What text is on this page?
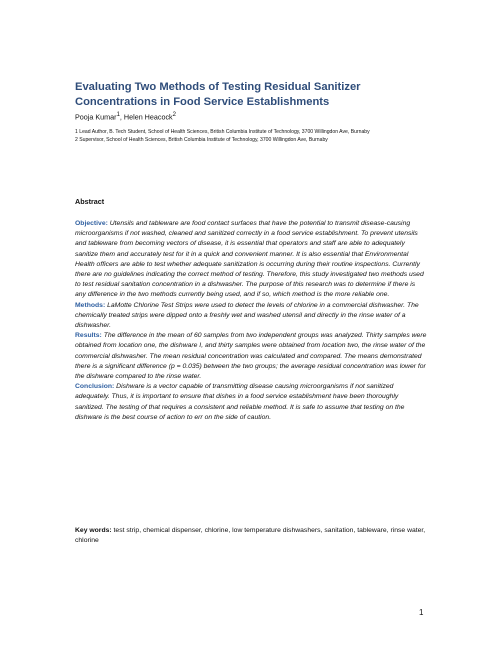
Evaluating Two Methods of Testing Residual Sanitizer Concentrations in Food Service Establishments
Pooja Kumar$^1$, Helen Heacock$^2$
1 Lead Author, B. Tech Student, School of Health Sciences, British Columbia Institute of Technology, 3700 Willingdon Ave, Burnaby
2 Supervisor, School of Health Sciences, British Columbia Institute of Technology, 3700 Willingdon Ave, Burnaby
Abstract

Objective: Utensils and tableware are food contact surfaces that have the potential to transmit disease-causing microorganisms if not washed, cleaned and sanitized correctly in a food service establishment. To prevent utensils and tableware from becoming vectors of disease, it is essential that operators and staff are able to adequately sanitize them and accurately test for it in a quick and convenient manner. It is also essential that Environmental Health officers are able to test whether adequate sanitization is occurring during their routine inspections. Currently there are no guidelines indicating the correct method of testing. Therefore, this study investigated two methods used to test residual sanitation concentration in a dishwasher. The purpose of this research was to determine if there is any difference in the two methods currently being used, and if so, which method is the more reliable one.

Methods: LaMotte Chlorine Test Strips were used to detect the levels of chlorine in a commercial dishwasher. The chemically treated strips were dipped onto a freshly wet and washed utensil and directly in the rinse water of a dishwasher.

Results: The difference in the mean of 60 samples from two independent groups was analyzed. Thirty samples were obtained from location one, the dishware I, and thirty samples were obtained from location two, the rinse water of the commercial dishwasher. The mean residual concentration was calculated and compared. The means demonstrated there is a significant difference (p = 0.035) between the two groups; the average residual concentration was lower for the dishware compared to the rinse water.

Conclusion: Dishware is a vector capable of transmitting disease causing microorganisms if not sanitized adequately. Thus, it is important to ensure that dishes in a food service establishment have been thoroughly sanitized. The testing of that requires a consistent and reliable method. It is safe to assume that testing on the dishware is the best course of action to err on the side of caution.

Key words: test strip, chemical dispenser, chlorine, low temperature dishwashers, sanitation, tableware, rinse water, chlorine
1
